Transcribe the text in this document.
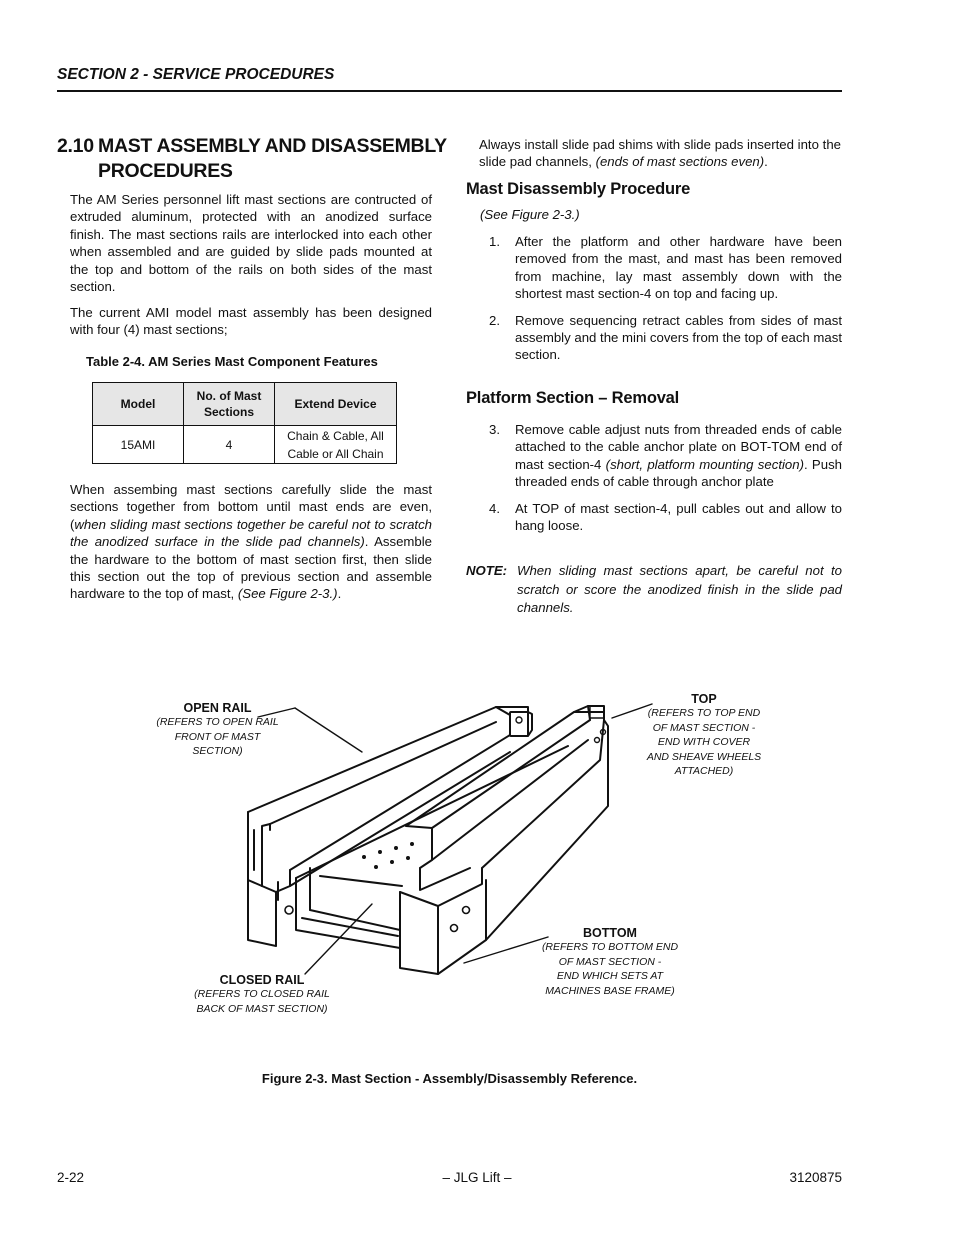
SECTION 2 - SERVICE PROCEDURES
2.10 MAST ASSEMBLY AND DISASSEMBLY
PROCEDURES
The AM Series personnel lift mast sections are contructed of extruded aluminum, protected with an anodized surface finish. The mast sections rails are interlocked into each other when assembled and are guided by slide pads mounted at the top and bottom of the rails on both sides of the mast section.
The current AMI model mast assembly has been designed with four (4) mast sections;
Table 2-4. AM Series Mast Component Features
Model	No. of Mast Sections	Extend Device
15AMI	4	Chain & Cable, All Cable or All Chain
When assembing mast sections carefully slide the mast sections together from bottom until mast ends are even, (when sliding mast sections together be careful not to scratch the anodized surface in the slide pad channels). Assemble the hardware to the bottom of mast section first, then slide this section out the top of previous section and assemble hardware to the top of mast, (See Figure 2-3.).
Always install slide pad shims with slide pads inserted into the slide pad channels, (ends of mast sections even).
Mast Disassembly Procedure
(See Figure 2-3.)
1. After the platform and other hardware have been removed from the mast, and mast has been removed from machine, lay mast assembly down with the shortest mast section-4 on top and facing up.
2. Remove sequencing retract cables from sides of mast assembly and the mini covers from the top of each mast section.
Platform Section – Removal
3. Remove cable adjust nuts from threaded ends of cable attached to the cable anchor plate on BOT-TOM end of mast section-4 (short, platform mounting section). Push threaded ends of cable through anchor plate
4. At TOP of mast section-4, pull cables out and allow to hang loose.
NOTE: When sliding mast sections apart, be careful not to scratch or score the anodized finish in the slide pad channels.
OPEN RAIL
(REFERS TO OPEN RAIL
FRONT OF MAST SECTION)
TOP
(REFERS TO TOP END
OF MAST SECTION -
END WITH COVER
AND SHEAVE WHEELS
ATTACHED)
BOTTOM
(REFERS TO BOTTOM END
OF MAST SECTION -
END WHICH SETS AT
MACHINES BASE FRAME)
CLOSED RAIL
(REFERS TO CLOSED RAIL
BACK OF MAST SECTION)
Figure 2-3. Mast Section - Assembly/Disassembly Reference.
2-22	– JLG Lift –	3120875
